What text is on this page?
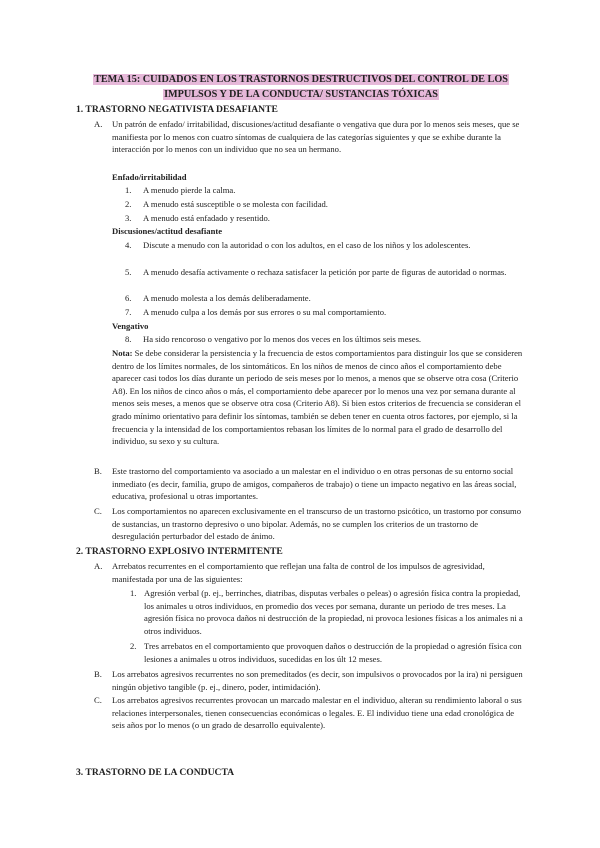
TEMA 15: CUIDADOS EN LOS TRASTORNOS DESTRUCTIVOS DEL CONTROL DE LOS
IMPULSOS Y DE LA CONDUCTA/ SUSTANCIAS TÓXICAS
1. TRASTORNO NEGATIVISTA DESAFIANTE
A. Un patrón de enfado/ irritabilidad, discusiones/actitud desafiante o vengativa que dura por lo menos seis meses, que se manifiesta por lo menos con cuatro síntomas de cualquiera de las categorías siguientes y que se exhibe durante la interacción por lo menos con un individuo que no sea un hermano.
Enfado/irritabilidad
1. A menudo pierde la calma.
2. A menudo está susceptible o se molesta con facilidad.
3. A menudo está enfadado y resentido.
Discusiones/actitud desafiante
4. Discute a menudo con la autoridad o con los adultos, en el caso de los niños y los adolescentes.
5. A menudo desafía activamente o rechaza satisfacer la petición por parte de figuras de autoridad o normas.
6. A menudo molesta a los demás deliberadamente.
7. A menudo culpa a los demás por sus errores o su mal comportamiento.
Vengativo
8. Ha sido rencoroso o vengativo por lo menos dos veces en los últimos seis meses.
Nota: Se debe considerar la persistencia y la frecuencia de estos comportamientos para distinguir los que se consideren dentro de los límites normales, de los sintomáticos. En los niños de menos de cinco años el comportamiento debe aparecer casi todos los días durante un periodo de seis meses por lo menos, a menos que se observe otra cosa (Criterio A8). En los niños de cinco años o más, el comportamiento debe aparecer por lo menos una vez por semana durante al menos seis meses, a menos que se observe otra cosa (Criterio A8). Si bien estos criterios de frecuencia se consideran el grado mínimo orientativo para definir los síntomas, también se deben tener en cuenta otros factores, por ejemplo, si la frecuencia y la intensidad de los comportamientos rebasan los límites de lo normal para el grado de desarrollo del individuo, su sexo y su cultura.
B. Este trastorno del comportamiento va asociado a un malestar en el individuo o en otras personas de su entorno social inmediato (es decir, familia, grupo de amigos, compañeros de trabajo) o tiene un impacto negativo en las áreas social, educativa, profesional u otras importantes.
C. Los comportamientos no aparecen exclusivamente en el transcurso de un trastorno psicótico, un trastorno por consumo de sustancias, un trastorno depresivo o uno bipolar. Además, no se cumplen los criterios de un trastorno de desregulación perturbador del estado de ánimo.
2. TRASTORNO EXPLOSIVO INTERMITENTE
A. Arrebatos recurrentes en el comportamiento que reflejan una falta de control de los impulsos de agresividad, manifestada por una de las siguientes:
1. Agresión verbal (p. ej., berrinches, diatribas, disputas verbales o peleas) o agresión física contra la propiedad, los animales u otros individuos, en promedio dos veces por semana, durante un periodo de tres meses. La agresión física no provoca daños ni destrucción de la propiedad, ni provoca lesiones físicas a los animales ni a otros individuos.
2. Tres arrebatos en el comportamiento que provoquen daños o destrucción de la propiedad o agresión física con lesiones a animales u otros individuos, sucedidas en los últ 12 meses.
B. Los arrebatos agresivos recurrentes no son premeditados (es decir, son impulsivos o provocados por la ira) ni persiguen ningún objetivo tangible (p. ej., dinero, poder, intimidación).
C. Los arrebatos agresivos recurrentes provocan un marcado malestar en el individuo, alteran su rendimiento laboral o sus relaciones interpersonales, tienen consecuencias económicas o legales. E. El individuo tiene una edad cronológica de seis años por lo menos (o un grado de desarrollo equivalente).
3. TRASTORNO DE LA CONDUCTA
